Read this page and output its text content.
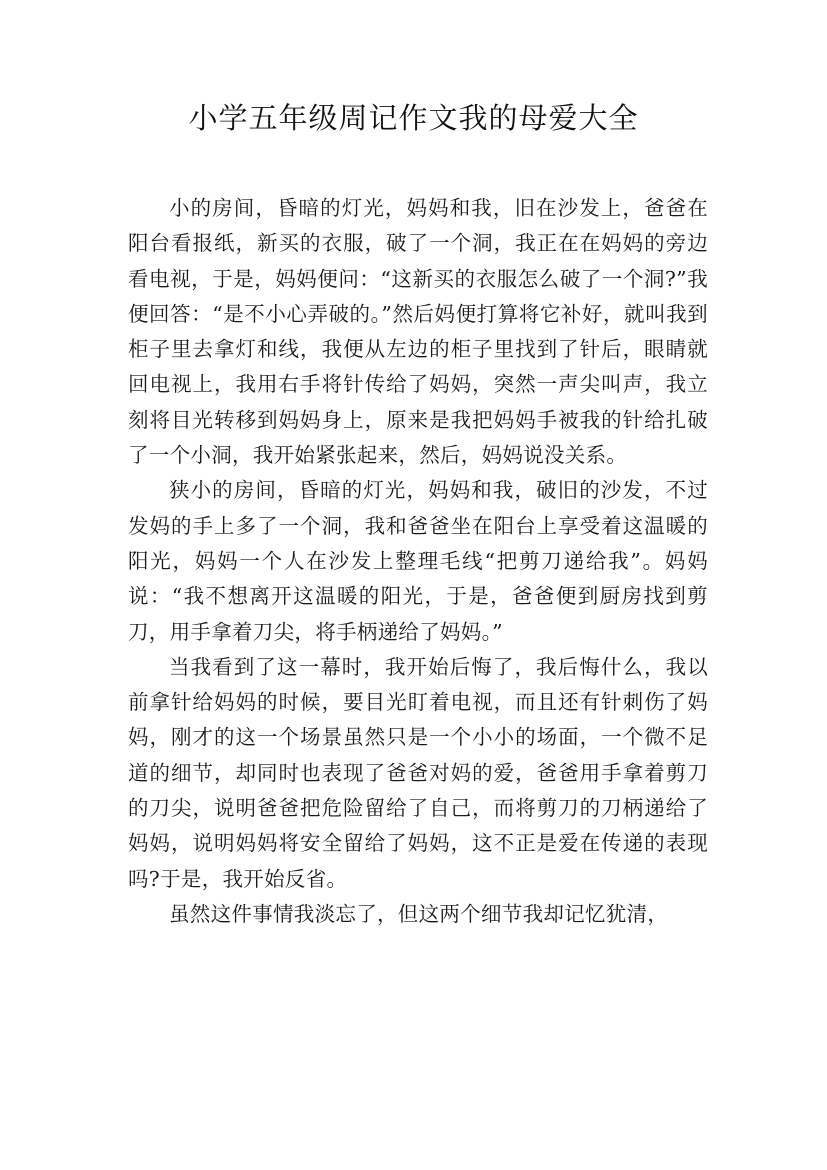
小学五年级周记作文我的母爱大全

小的房间，昏暗的灯光，妈妈和我，旧在沙发上，爸爸在阳台看报纸，新买的衣服，破了一个洞，我正在在妈妈的旁边看电视，于是，妈妈便问：“这新买的衣服怎么破了一个洞?”我便回答：“是不小心弄破的。”然后妈便打算将它补好，就叫我到柜子里去拿灯和线，我便从左边的柜子里找到了针后，眼睛就回电视上，我用右手将针传给了妈妈，突然一声尖叫声，我立刻将目光转移到妈妈身上，原来是我把妈妈手被我的针给扎破了一个小洞，我开始紧张起来，然后，妈妈说没关系。

狭小的房间，昏暗的灯光，妈妈和我，破旧的沙发，不过发妈的手上多了一个洞，我和爸爸坐在阳台上享受着这温暖的阳光，妈妈一个人在沙发上整理毛线“把剪刀递给我”。妈妈说：“我不想离开这温暖的阳光，于是，爸爸便到厨房找到剪刀，用手拿着刀尖，将手柄递给了妈妈。”

当我看到了这一幕时，我开始后悔了，我后悔什么，我以前拿针给妈妈的时候，要目光盯着电视，而且还有针刺伤了妈妈，刚才的这一个场景虽然只是一个小小的场面，一个微不足道的细节，却同时也表现了爸爸对妈的爱，爸爸用手拿着剪刀的刀尖，说明爸爸把危险留给了自己，而将剪刀的刀柄递给了妈妈，说明妈妈将安全留给了妈妈，这不正是爱在传递的表现吗?于是，我开始反省。

虽然这件事情我淡忘了，但这两个细节我却记忆犹清，
